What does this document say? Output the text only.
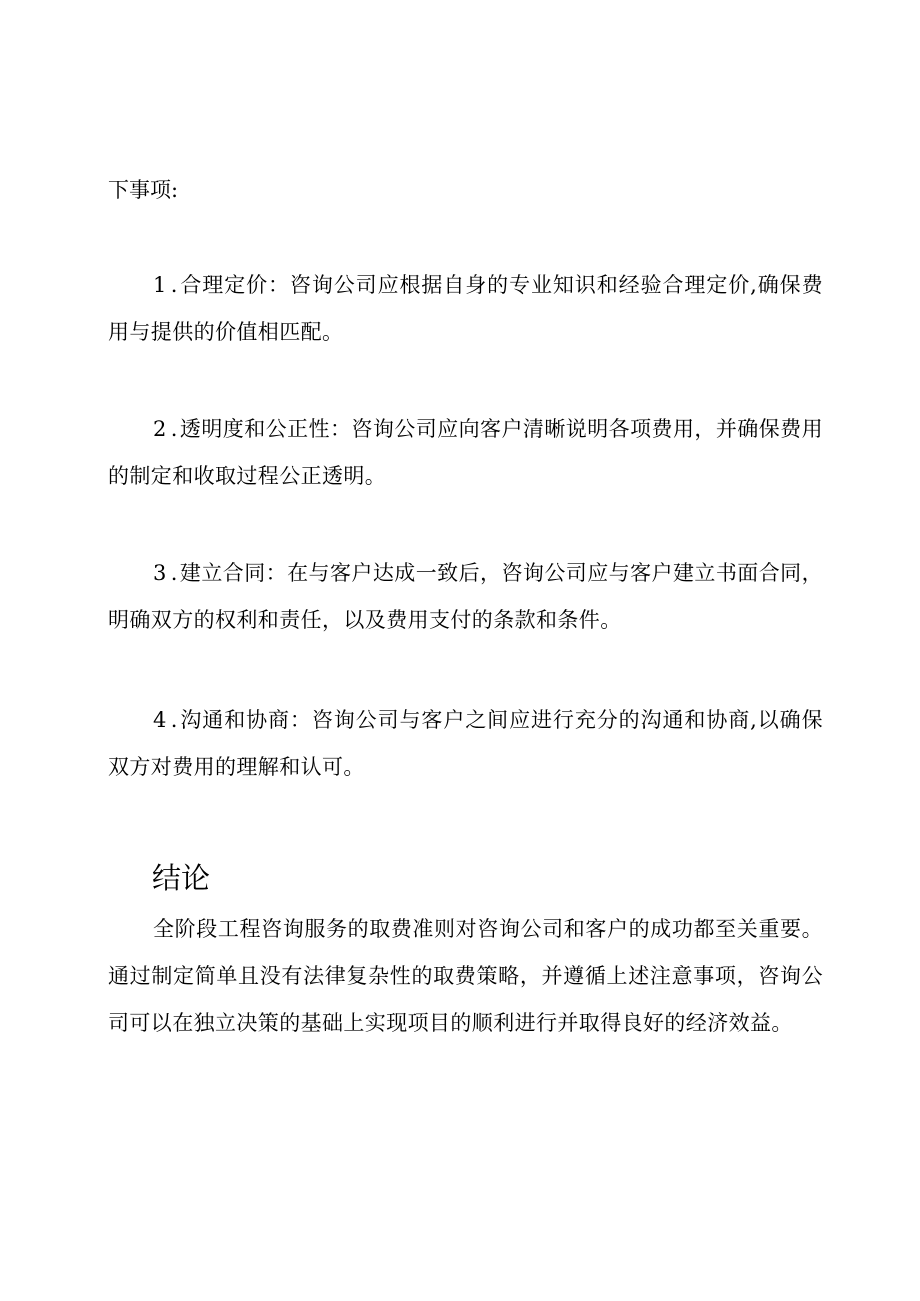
下事项:

1 .合理定价：咨询公司应根据自身的专业知识和经验合理定价,确保费用与提供的价值相匹配。

2 .透明度和公正性：咨询公司应向客户清晰说明各项费用，并确保费用的制定和收取过程公正透明。

3 .建立合同：在与客户达成一致后，咨询公司应与客户建立书面合同，明确双方的权利和责任，以及费用支付的条款和条件。

4 .沟通和协商：咨询公司与客户之间应进行充分的沟通和协商,以确保双方对费用的理解和认可。

结论

全阶段工程咨询服务的取费准则对咨询公司和客户的成功都至关重要。通过制定简单且没有法律复杂性的取费策略，并遵循上述注意事项，咨询公司可以在独立决策的基础上实现项目的顺利进行并取得良好的经济效益。
